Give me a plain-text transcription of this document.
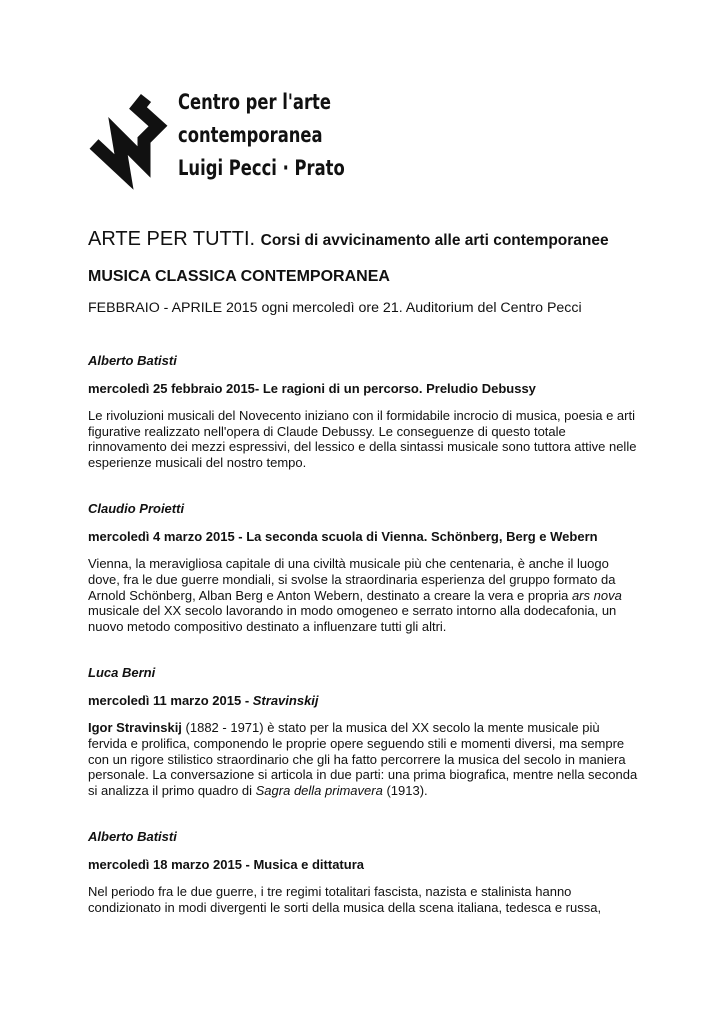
Centro per l'arte
contemporanea
Luigi Pecci · Prato
ARTE PER TUTTI. Corsi di avvicinamento alle arti contemporanee
MUSICA CLASSICA CONTEMPORANEA

FEBBRAIO - APRILE 2015 ogni mercoledì ore 21. Auditorium del Centro Pecci

Alberto Batisti

mercoledì 25 febbraio 2015- Le ragioni di un percorso. Preludio Debussy

Le rivoluzioni musicali del Novecento iniziano con il formidabile incrocio di musica, poesia e arti figurative realizzato nell'opera di Claude Debussy. Le conseguenze di questo totale rinnovamento dei mezzi espressivi, del lessico e della sintassi musicale sono tuttora attive nelle esperienze musicali del nostro tempo.

Claudio Proietti

mercoledì 4 marzo 2015 - La seconda scuola di Vienna. Schönberg, Berg e Webern

Vienna, la meravigliosa capitale di una civiltà musicale più che centenaria, è anche il luogo dove, fra le due guerre mondiali, si svolse la straordinaria esperienza del gruppo formato da Arnold Schönberg, Alban Berg e Anton Webern, destinato a creare la vera e propria ars nova musicale del XX secolo lavorando in modo omogeneo e serrato intorno alla dodecafonia, un nuovo metodo compositivo destinato a influenzare tutti gli altri.

Luca Berni

mercoledì 11 marzo 2015 - Stravinskij

Igor Stravinskij (1882 - 1971) è stato per la musica del XX secolo la mente musicale più fervida e prolifica, componendo le proprie opere seguendo stili e momenti diversi, ma sempre con un rigore stilistico straordinario che gli ha fatto percorrere la musica del secolo in maniera personale. La conversazione si articola in due parti: una prima biografica, mentre nella seconda si analizza il primo quadro di Sagra della primavera (1913).

Alberto Batisti

mercoledì 18 marzo 2015 - Musica e dittatura

Nel periodo fra le due guerre, i tre regimi totalitari fascista, nazista e stalinista hanno condizionato in modi divergenti le sorti della musica della scena italiana, tedesca e russa,
